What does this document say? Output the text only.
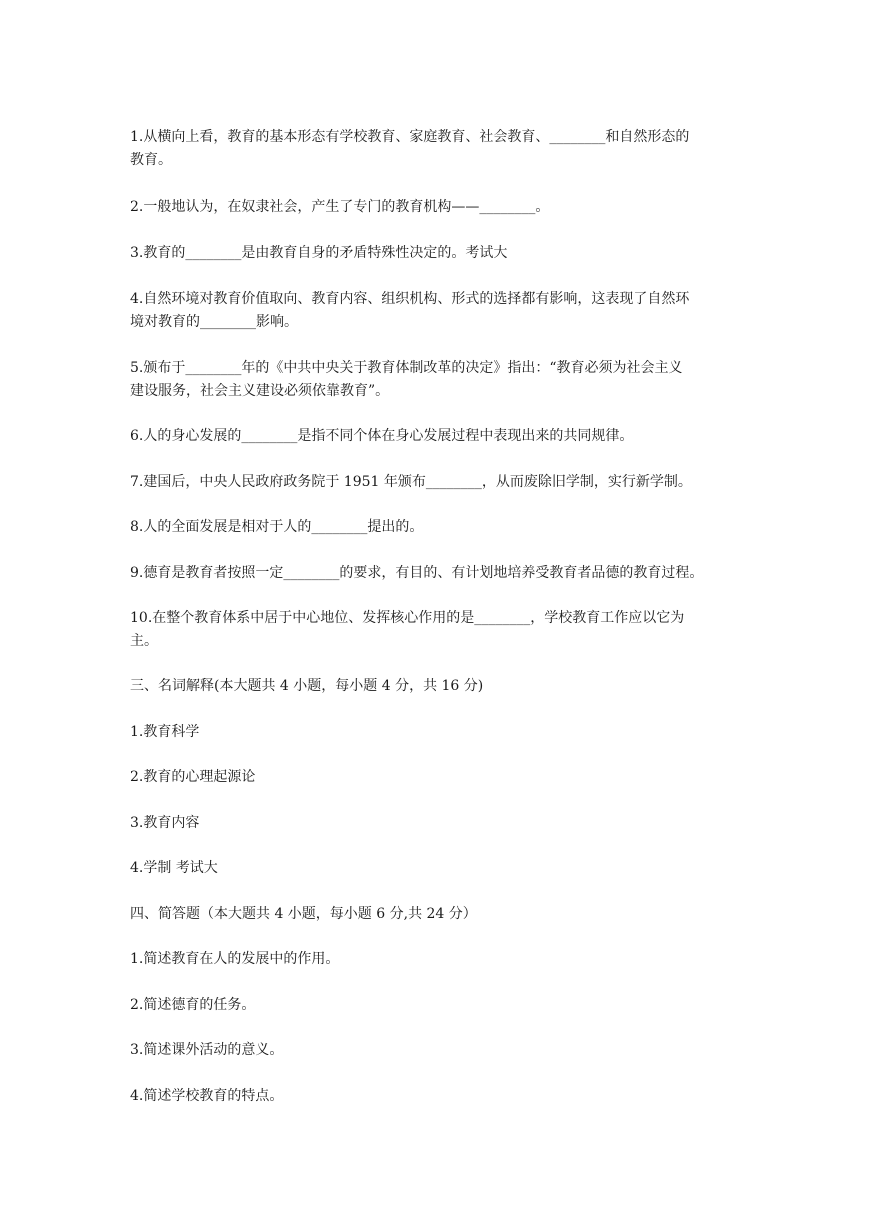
1.从横向上看，教育的基本形态有学校教育、家庭教育、社会教育、________和自然形态的

教育。

2.一般地认为，在奴隶社会，产生了专门的教育机构——________。

3.教育的________是由教育自身的矛盾特殊性决定的。考试大

4.自然环境对教育价值取向、教育内容、组织机构、形式的选择都有影响，这表现了自然环

境对教育的________影响。

5.颁布于________年的《中共中央关于教育体制改革的决定》指出：“教育必须为社会主义

建设服务，社会主义建设必须依靠教育”。

6.人的身心发展的________是指不同个体在身心发展过程中表现出来的共同规律。

7.建国后，中央人民政府政务院于 1951 年颁布________，从而废除旧学制，实行新学制。

8.人的全面发展是相对于人的________提出的。

9.德育是教育者按照一定________的要求，有目的、有计划地培养受教育者品德的教育过程。

10.在整个教育体系中居于中心地位、发挥核心作用的是________，学校教育工作应以它为

主。

三、名词解释(本大题共 4 小题，每小题 4 分，共 16 分)

1.教育科学

2.教育的心理起源论

3.教育内容

4.学制 考试大

四、简答题（本大题共 4 小题，每小题 6 分,共 24 分）

1.简述教育在人的发展中的作用。

2.简述德育的任务。

3.简述课外活动的意义。

4.简述学校教育的特点。
